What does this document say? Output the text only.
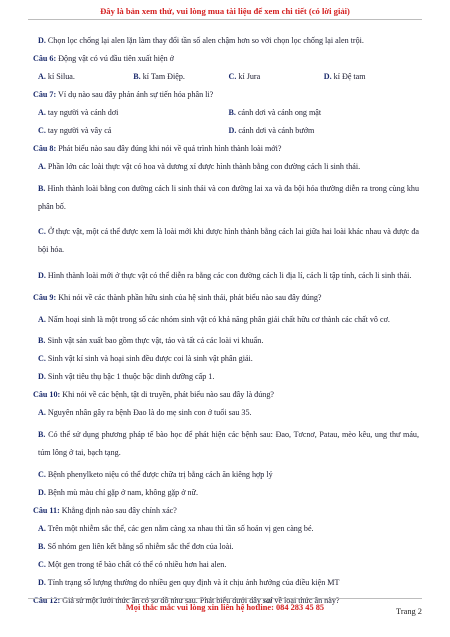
Đây là bản xem thử, vui lòng mua tài liệu để xem chi tiết (có lời giải)
D. Chọn lọc chống lại alen lặn làm thay đổi tần số alen chậm hơn so với chọn lọc chống lại alen trội.
Câu 6: Động vật có vú đầu tiên xuất hiện ở
A. kỉ Silua.	B. kỉ Tam Điệp.	C. kỉ Jura	D. kỉ Đệ tam
Câu 7: Ví dụ nào sau đây phản ánh sự tiến hóa phân li?
A. tay người và cánh dơi	B. cánh dơi và cánh ong mật
C. tay người và vây cá	D. cánh dơi và cánh bướm
Câu 8: Phát biểu nào sau đây đúng khi nói về quá trình hình thành loài mới?
A. Phần lớn các loài thực vật có hoa và dương xỉ được hình thành bằng con đường cách li sinh thái.
B. Hình thành loài bằng con đường cách li sinh thái và con đường lai xa và đa bội hóa thường diễn ra trong cùng khu phân bố.
C. Ở thực vật, một cá thể được xem là loài mới khi được hình thành bằng cách lai giữa hai loài khác nhau và được đa bội hóa.
D. Hình thành loài mới ở thực vật có thể diễn ra bằng các con đường cách li địa lí, cách li tập tính, cách li sinh thái.
Câu 9: Khi nói về các thành phần hữu sinh của hệ sinh thái, phát biểu nào sau đây đúng?
A. Nấm hoại sinh là một trong số các nhóm sinh vật có khả năng phân giải chất hữu cơ thành các chất vô cơ.
B. Sinh vật sản xuất bao gồm thực vật, tảo và tất cả các loài vi khuẩn.
C. Sinh vật kí sinh và hoại sinh đều được coi là sinh vật phân giải.
D. Sinh vật tiêu thụ bậc 1 thuộc bậc dinh dưỡng cấp 1.
Câu 10: Khi nói về các bệnh, tật di truyền, phát biểu nào sau đây là đúng?
A. Nguyên nhân gây ra bệnh Đao là do mẹ sinh con ở tuổi sau 35.
B. Có thể sử dụng phương pháp tế bào học để phát hiện các bệnh sau: Đao, Tơcnơ, Patau, mèo kêu, ung thư máu, túm lông ở tai, bạch tạng.
C. Bệnh phenylketo niệu có thể được chữa trị bằng cách ăn kiêng hợp lý
D. Bệnh mù màu chỉ gặp ở nam, không gặp ở nữ.
Câu 11: Khẳng định nào sau đây chính xác?
A. Trên một nhiễm sắc thể, các gen nằm càng xa nhau thì tần số hoán vị gen càng bé.
B. Số nhóm gen liên kết bằng số nhiễm sắc thể đơn của loài.
C. Một gen trong tế bào chất có thể có nhiều hơn hai alen.
D. Tính trạng số lượng thường do nhiều gen quy định và ít chịu ảnh hưởng của điều kiện MT
Câu 12: Giả sử một lưới thức ăn có sơ đồ như sau. Phát biểu dưới đây sai về loại thức ăn này?
Mọi thắc mắc vui lòng xin liên hệ hotline: 084 283 45 85	Trang 2
